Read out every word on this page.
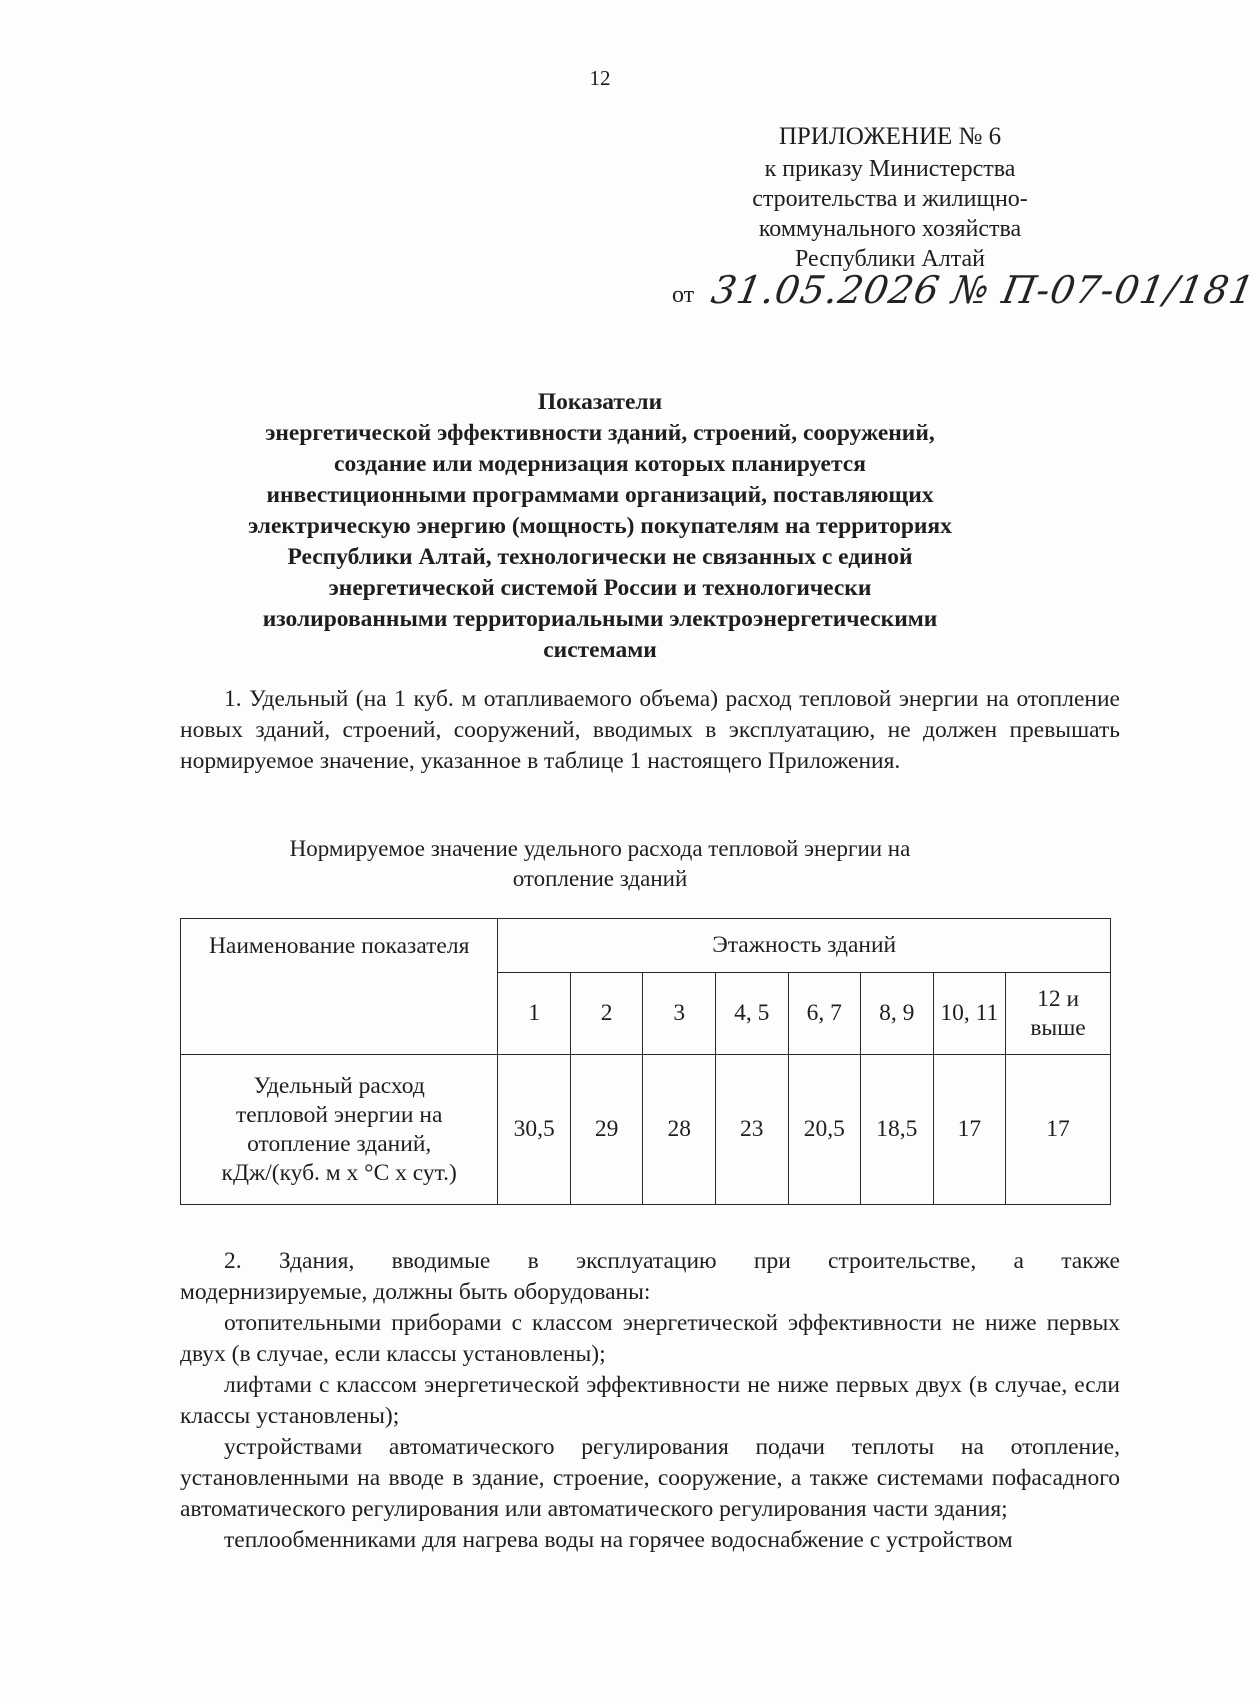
12
ПРИЛОЖЕНИЕ № 6
к приказу Министерства
строительства и жилищно-
коммунального хозяйства
Республики Алтай
от 31.05.2026 № П-07-01/181
Показатели
энергетической эффективности зданий, строений, сооружений,
создание или модернизация которых планируется
инвестиционными программами организаций, поставляющих
электрическую энергию (мощность) покупателям на территориях
Республики Алтай, технологически не связанных с единой
энергетической системой России и технологически
изолированными территориальными электроэнергетическими
системами
1. Удельный (на 1 куб. м отапливаемого объема) расход тепловой энергии на отопление новых зданий, строений, сооружений, вводимых в эксплуатацию, не должен превышать нормируемое значение, указанное в таблице 1 настоящего Приложения.
Нормируемое значение удельного расхода тепловой энергии на
отопление зданий
Наименование показателя	Этажность зданий							
	1	2	3	4, 5	6, 7	8, 9	10, 11	12 и выше

Удельный расход
тепловой энергии на
отопление зданий,
кДж/(куб. м х °С х сут.)	30,5	29	28	23	20,5	18,5	17	17
2. Здания, вводимые в эксплуатацию при строительстве, а также
модернизируемые, должны быть оборудованы:
отопительными приборами с классом энергетической эффективности не ниже первых двух (в случае, если классы установлены);
лифтами с классом энергетической эффективности не ниже первых двух (в случае, если классы установлены);
устройствами автоматического регулирования подачи теплоты на отопление, установленными на вводе в здание, строение, сооружение, а также системами пофасадного автоматического регулирования или автоматического регулирования части здания;
теплообменниками для нагрева воды на горячее водоснабжение с устройством
